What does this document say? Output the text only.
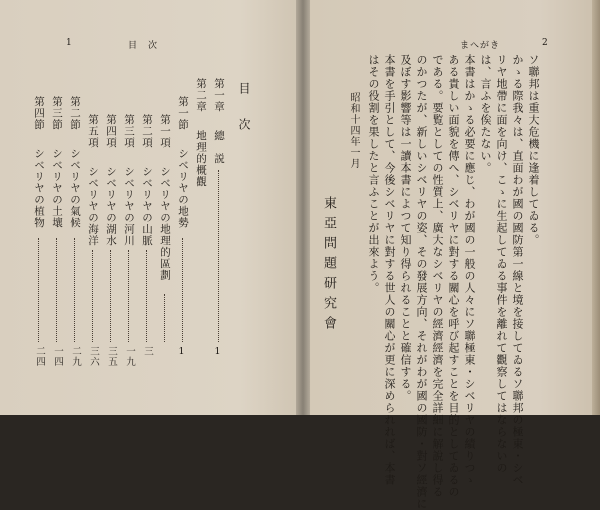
1	目　次
目　次
第一章
總　説
1
第二章
地理的概觀
第一節
シベリヤの地勢
1
第一項
シベリヤの地理的區劃
第二項
シベリヤの山脈
三
第三項
シベリヤの河川
一九
第四項
シベリヤの湖水
三五
第五項
シベリヤの海洋
三六
第二節
シベリヤの氣候
二九
第三節
シベリヤの土壤
一四
第四節
シベリヤの植物
二四
まへがき	2
ソ聯邦は重大危機に逢着してゐる。
かゝる際我々は、直面わが國の國防第一線と境を接してゐるソ聯邦の極東・シベ
リヤ地帶に面を向け、こゝに生起してゐる事件を離れて觀察してはならないの
は、言ふを俟たない。
本書はかゝる必要に應じ、わが國の一般の人々にソ聯極東・シベリヤの績りつゝ
ある貴しい面貌を傳へ、シベリヤに對する關心を呼び起すことを目的としてゐるの
である。要覧としての性質上、廣大なシベリヤの經濟經濟を完全詳細に解說し得る
のかつたが、新しいシベリヤの姿、その發展方向、それがわが國の國防・對ソ經濟に
及ぼす影響等は一讀本書によつて知り得られることと確信する。
本書を手引として、今後シベリヤに對する世人の關心が更に深められれば、本書
はその役割を果したと言ふことが出來よう。
昭和十四年一月
東亞問題研究會
